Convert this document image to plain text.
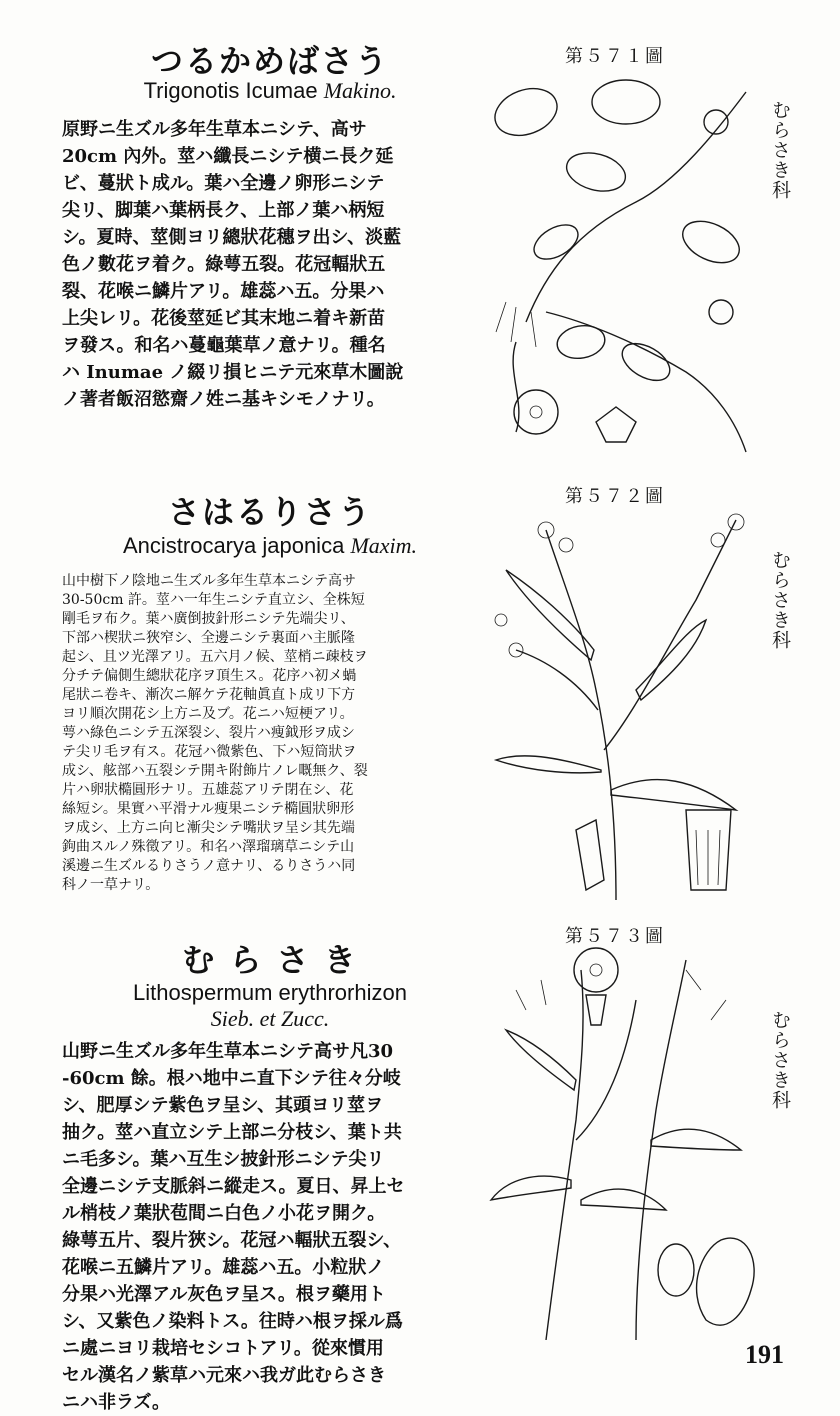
つるかめばさう
Trigonotis Icumae Makino.
原野ニ生ズル多年生草本ニシテ、高サ
20cm 內外。莖ハ纖長ニシテ横ニ長ク延
ビ、蔓狀ト成ル。葉ハ全邊ノ卵形ニシテ
尖リ、脚葉ハ葉柄長ク、上部ノ葉ハ柄短
シ。夏時、莖側ヨリ總狀花穗ヲ出シ、淡藍
色ノ數花ヲ着ク。綠萼五裂。花冠輻狀五
裂、花喉ニ鱗片アリ。雄蕊ハ五。分果ハ
上尖レリ。花後莖延ビ其末地ニ着キ新苗
ヲ發ス。和名ハ蔓龜葉草ノ意ナリ。種名
ハ Inumae ノ綴リ損ヒニテ元來草木圖說
ノ著者飯沼慾齋ノ姓ニ基キシモノナリ。
第５７１圖
むらさき科
さはるりさう
Ancistrocarya japonica Maxim.
山中樹下ノ陰地ニ生ズル多年生草本ニシテ高サ
30-50cm 許。莖ハ一年生ニシテ直立シ、全株短
剛毛ヲ布ク。葉ハ廣倒披針形ニシテ先端尖リ、
下部ハ楔狀ニ狹窄シ、全邊ニシテ裏面ハ主脈隆
起シ、且ツ光澤アリ。五六月ノ候、莖梢ニ疎枝ヲ
分チテ偏側生總狀花序ヲ頂生ス。花序ハ初メ蝸
尾狀ニ卷キ、漸次ニ解ケテ花軸眞直ト成リ下方
ヨリ順次開花シ上方ニ及ブ。花ニハ短梗アリ。
萼ハ綠色ニシテ五深裂シ、裂片ハ痩鉞形ヲ成シ
テ尖リ毛ヲ有ス。花冠ハ微紫色、下ハ短筒狀ヲ
成シ、舷部ハ五裂シテ開キ附飾片ノレ嘅無ク、裂
片ハ卵狀橢圓形ナリ。五雄蕊アリテ閉在シ、花
絲短シ。果實ハ平滑ナル痩果ニシテ橢圓狀卵形
ヲ成シ、上方ニ向ヒ漸尖シテ嘴狀ヲ呈シ其先端
鉤曲スルノ殊徵アリ。和名ハ澤瑠璃草ニシテ山
溪邊ニ生ズルるりさうノ意ナリ、るりさうハ同
科ノ一草ナリ。
第５７２圖
むらさき科
む ら さ き
Lithospermum erythrorhizon
Sieb. et Zucc.
山野ニ生ズル多年生草本ニシテ高サ凡30
-60cm 餘。根ハ地中ニ直下シテ往々分岐
シ、肥厚シテ紫色ヲ呈シ、其頭ヨリ莖ヲ
抽ク。莖ハ直立シテ上部ニ分枝シ、葉ト共
ニ毛多シ。葉ハ互生シ披針形ニシテ尖リ
全邊ニシテ支脈斜ニ縱走ス。夏日、昇上セ
ル梢枝ノ葉狀苞間ニ白色ノ小花ヲ開ク。
綠萼五片、裂片狹シ。花冠ハ輻狀五裂シ、
花喉ニ五鱗片アリ。雄蕊ハ五。小粒狀ノ
分果ハ光澤アル灰色ヲ呈ス。根ヲ藥用ト
シ、又紫色ノ染料トス。往時ハ根ヲ採ル爲
ニ處ニヨリ栽培セシコトアリ。從來慣用
セル漢名ノ紫草ハ元來ハ我ガ此むらさき
ニハ非ラズ。
第５７３圖
むらさき科
191
